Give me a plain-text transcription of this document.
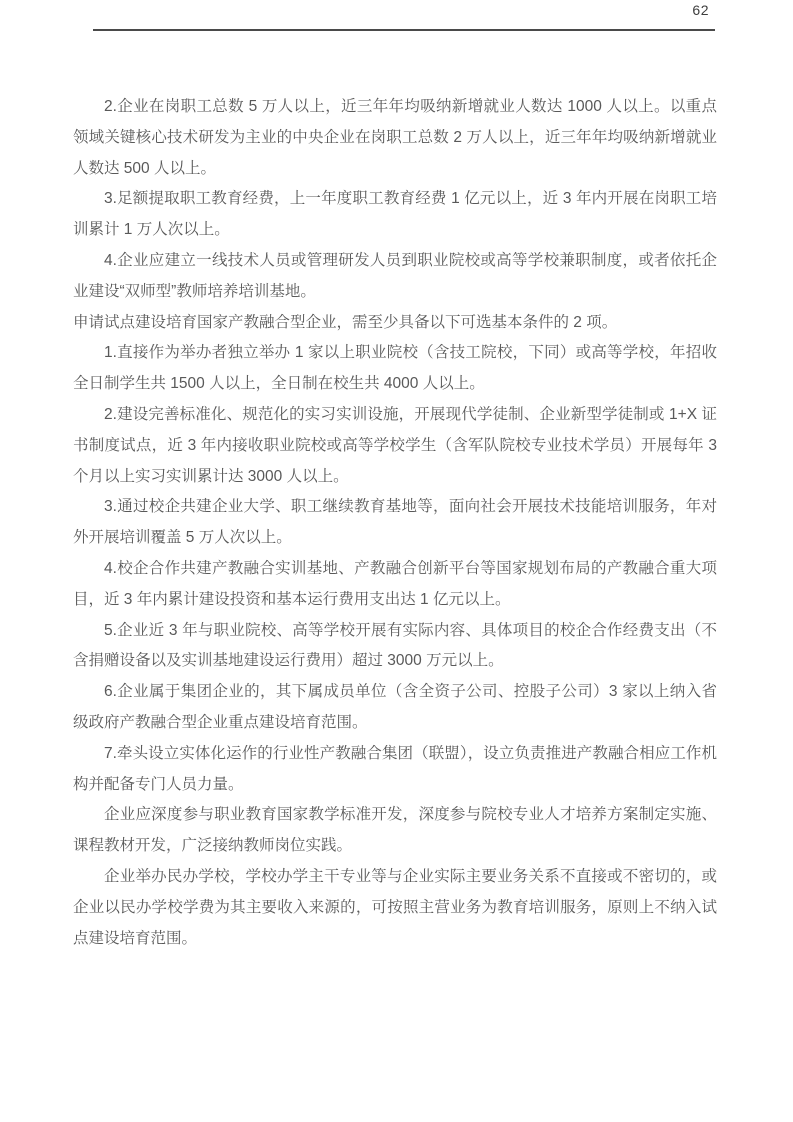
62

2.企业在岗职工总数 5 万人以上，近三年年均吸纳新增就业人数达 1000 人以上。以重点领域关键核心技术研发为主业的中央企业在岗职工总数 2 万人以上，近三年年均吸纳新增就业人数达 500 人以上。

3.足额提取职工教育经费，上一年度职工教育经费 1 亿元以上，近 3 年内开展在岗职工培训累计 1 万人次以上。

4.企业应建立一线技术人员或管理研发人员到职业院校或高等学校兼职制度，或者依托企业建设“双师型”教师培养培训基地。

申请试点建设培育国家产教融合型企业，需至少具备以下可选基本条件的 2 项。

1.直接作为举办者独立举办 1 家以上职业院校（含技工院校，下同）或高等学校，年招收全日制学生共 1500 人以上，全日制在校生共 4000 人以上。

2.建设完善标准化、规范化的实习实训设施，开展现代学徒制、企业新型学徒制或 1+X 证书制度试点，近 3 年内接收职业院校或高等学校学生（含军队院校专业技术学员）开展每年 3 个月以上实习实训累计达 3000 人以上。

3.通过校企共建企业大学、职工继续教育基地等，面向社会开展技术技能培训服务，年对外开展培训覆盖 5 万人次以上。

4.校企合作共建产教融合实训基地、产教融合创新平台等国家规划布局的产教融合重大项目，近 3 年内累计建设投资和基本运行费用支出达 1 亿元以上。

5.企业近 3 年与职业院校、高等学校开展有实际内容、具体项目的校企合作经费支出（不含捐赠设备以及实训基地建设运行费用）超过 3000 万元以上。

6.企业属于集团企业的，其下属成员单位（含全资子公司、控股子公司）3 家以上纳入省级政府产教融合型企业重点建设培育范围。

7.牵头设立实体化运作的行业性产教融合集团（联盟），设立负责推进产教融合相应工作机构并配备专门人员力量。

企业应深度参与职业教育国家教学标准开发，深度参与院校专业人才培养方案制定实施、课程教材开发，广泛接纳教师岗位实践。

企业举办民办学校，学校办学主干专业等与企业实际主要业务关系不直接或不密切的，或企业以民办学校学费为其主要收入来源的，可按照主营业务为教育培训服务，原则上不纳入试点建设培育范围。
